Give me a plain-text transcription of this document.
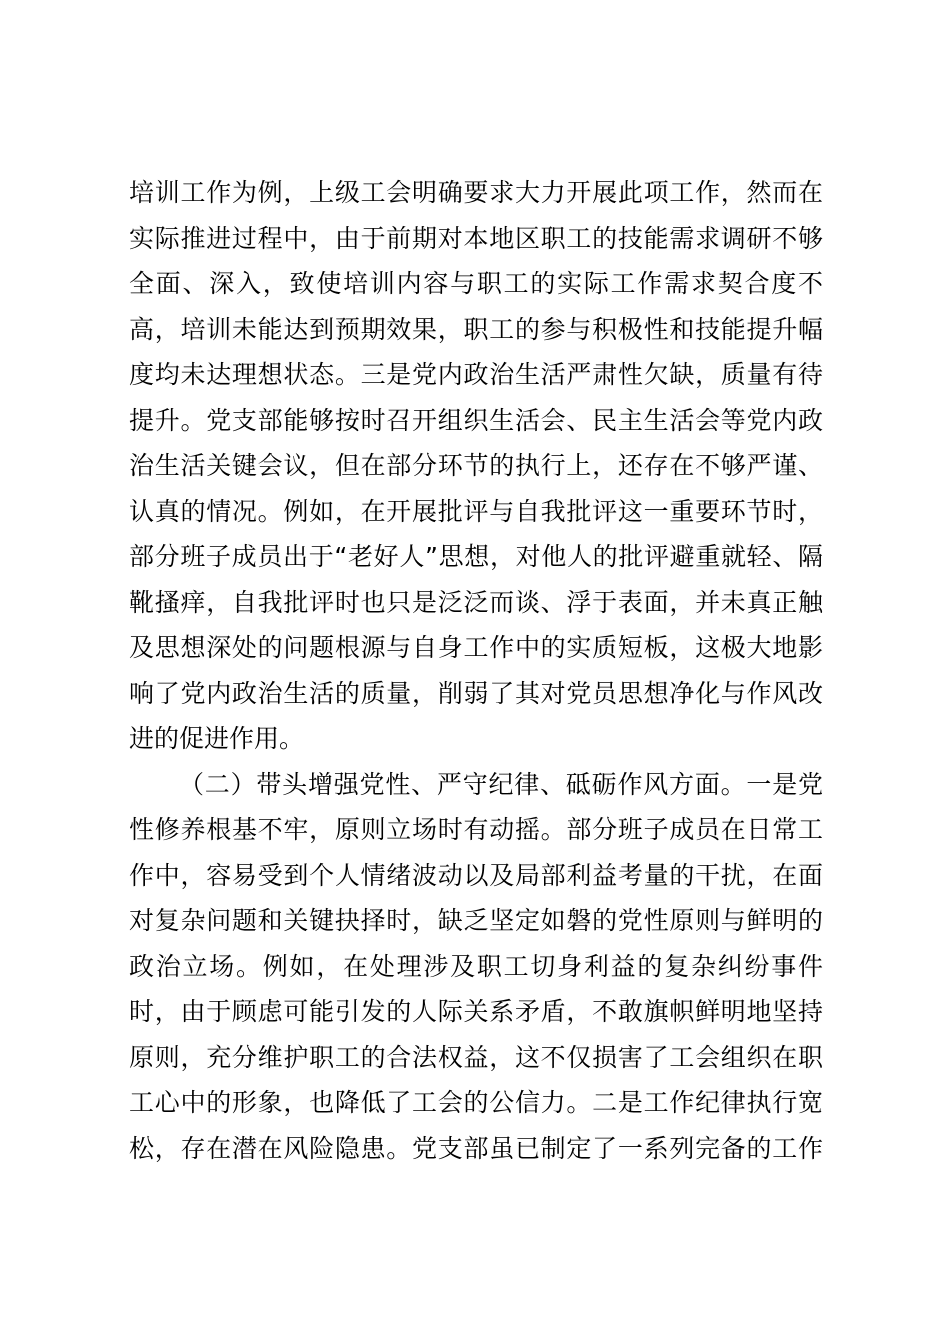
培训工作为例，上级工会明确要求大力开展此项工作，然而在
实际推进过程中，由于前期对本地区职工的技能需求调研不够
全面、深入，致使培训内容与职工的实际工作需求契合度不
高，培训未能达到预期效果，职工的参与积极性和技能提升幅
度均未达理想状态。三是党内政治生活严肃性欠缺，质量有待
提升。党支部能够按时召开组织生活会、民主生活会等党内政
治生活关键会议，但在部分环节的执行上，还存在不够严谨、
认真的情况。例如，在开展批评与自我批评这一重要环节时，
部分班子成员出于“老好人”思想，对他人的批评避重就轻、隔
靴搔痒，自我批评时也只是泛泛而谈、浮于表面，并未真正触
及思想深处的问题根源与自身工作中的实质短板，这极大地影
响了党内政治生活的质量，削弱了其对党员思想净化与作风改
进的促进作用。
（二）带头增强党性、严守纪律、砥砺作风方面。一是党
性修养根基不牢，原则立场时有动摇。部分班子成员在日常工
作中，容易受到个人情绪波动以及局部利益考量的干扰，在面
对复杂问题和关键抉择时，缺乏坚定如磐的党性原则与鲜明的
政治立场。例如，在处理涉及职工切身利益的复杂纠纷事件
时，由于顾虑可能引发的人际关系矛盾，不敢旗帜鲜明地坚持
原则，充分维护职工的合法权益，这不仅损害了工会组织在职
工心中的形象，也降低了工会的公信力。二是工作纪律执行宽
松，存在潜在风险隐患。党支部虽已制定了一系列完备的工作
